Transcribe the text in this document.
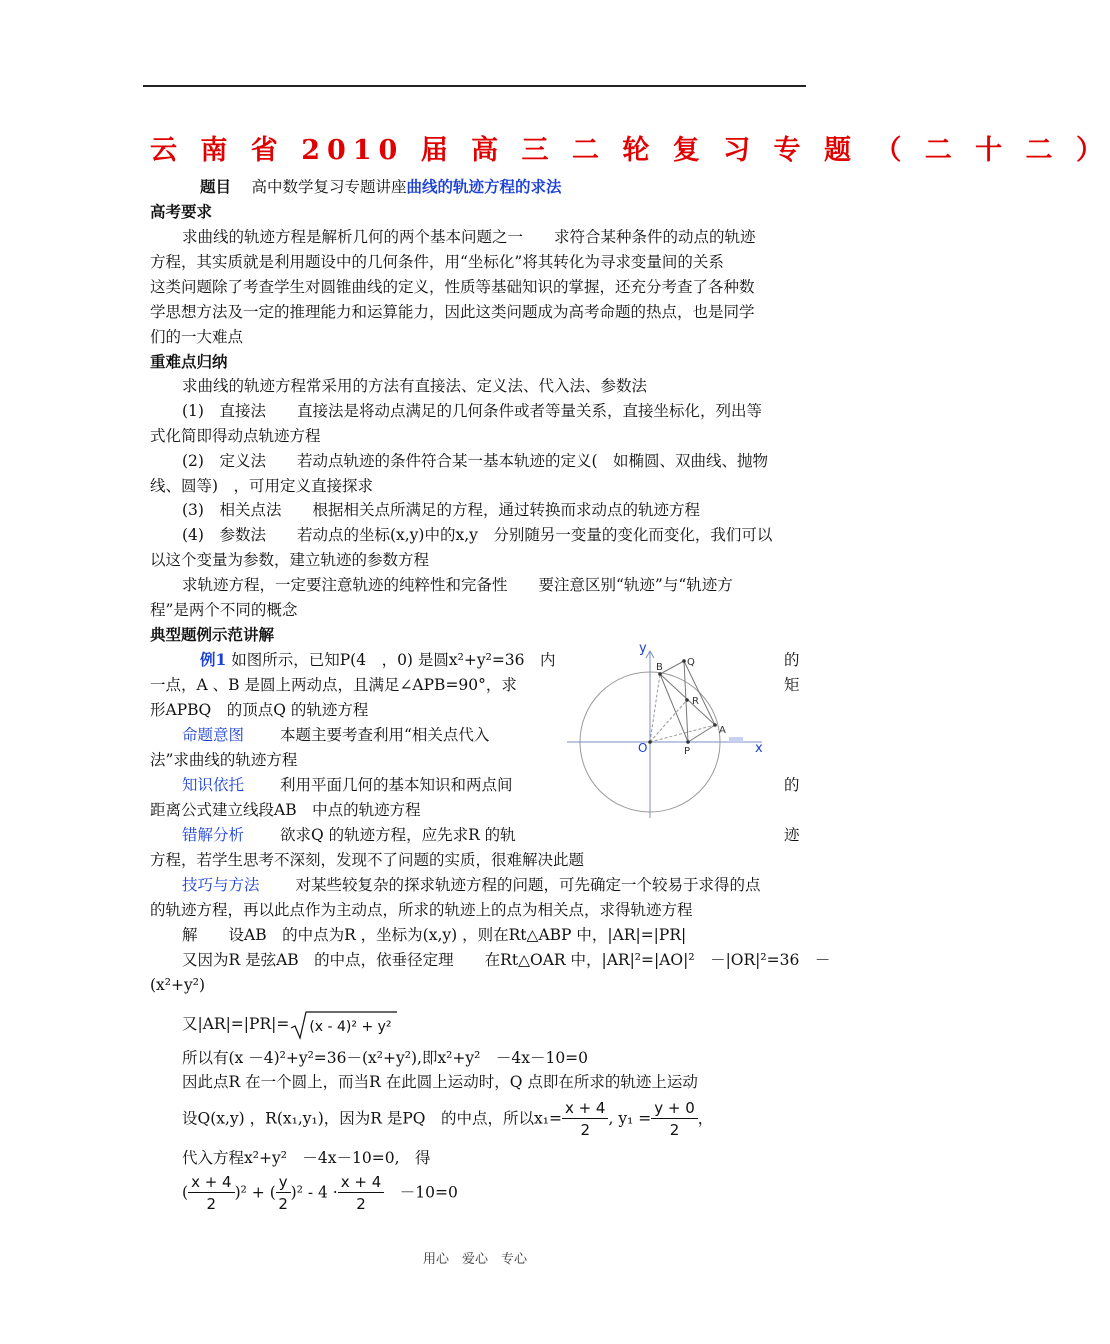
云 南 省 2010 届 高 三 二 轮 复 习 专 题 （ 二 十 二 ）
题目　 高中数学复习专题讲座曲线的轨迹方程的求法
高考要求
求曲线的轨迹方程是解析几何的两个基本问题之一　　求符合某种条件的动点的轨迹
方程，其实质就是利用题设中的几何条件，用“坐标化”将其转化为寻求变量间的关系
这类问题除了考查学生对圆锥曲线的定义，性质等基础知识的掌握，还充分考查了各种数
学思想方法及一定的推理能力和运算能力，因此这类问题成为高考命题的热点，也是同学
们的一大难点
重难点归纳
求曲线的轨迹方程常采用的方法有直接法、定义法、代入法、参数法
(1)　直接法　　直接法是将动点满足的几何条件或者等量关系，直接坐标化，列出等
式化简即得动点轨迹方程
(2)　定义法　　若动点轨迹的条件符合某一基本轨迹的定义(　如椭圆、双曲线、抛物
线、圆等)　，可用定义直接探求
(3)　相关点法　　根据相关点所满足的方程，通过转换而求动点的轨迹方程
(4)　参数法　　若动点的坐标(x,y)中的x,y　分别随另一变量的变化而变化，我们可以
以这个变量为参数，建立轨迹的参数方程
求轨迹方程，一定要注意轨迹的纯粹性和完备性　　要注意区别“轨迹”与“轨迹方
程”是两个不同的概念
典型题例示范讲解
例1 如图所示，已知P(4　，0) 是圆x²+y²=36　内	的
一点，A 、B 是圆上两动点，且满足∠APB=90°，求	矩
形APBQ　的顶点Q 的轨迹方程
命题意图　　 本题主要考查利用“相关点代入
法”求曲线的轨迹方程
知识依托　　 利用平面几何的基本知识和两点间	的
距离公式建立线段AB　中点的轨迹方程
错解分析　　 欲求Q 的轨迹方程，应先求R 的轨	迹
方程，若学生思考不深刻，发现不了问题的实质，很难解决此题
技巧与方法　　 对某些较复杂的探求轨迹方程的问题，可先确定一个较易于求得的点
的轨迹方程，再以此点作为主动点，所求的轨迹上的点为相关点，求得轨迹方程
解　　设AB　的中点为R ，坐标为(x,y) ，则在Rt△ABP 中，|AR|=|PR|
又因为R 是弦AB　的中点，依垂径定理　　在Rt△OAR 中，|AR|²=|AO|²　－|OR|²=36　－
(x²+y²)
又|AR|=|PR|= (x - 4)² + y²
所以有(x －4)²+y²=36－(x²+y²),即x²+y²　－4x－10=0
因此点R 在一个圆上，而当R 在此圆上运动时，Q 点即在所求的轨迹上运动
设Q(x,y) ，R(x₁,y₁)，因为R 是PQ　的中点，所以$x_1= \frac{x + 4}{2}$ , $y_1 = \frac{y + 0}{2}$ ，
代入方程x²+y²　－4x－10=0,　得
( $\frac{x + 4}{2} )^2$ + ( $\frac{y}{2} )^2 - 4 \cdot \frac{x + 4}{2}$
　 －10=0
y
x
O	P
A
B Q
R
用心　爱心　专心
